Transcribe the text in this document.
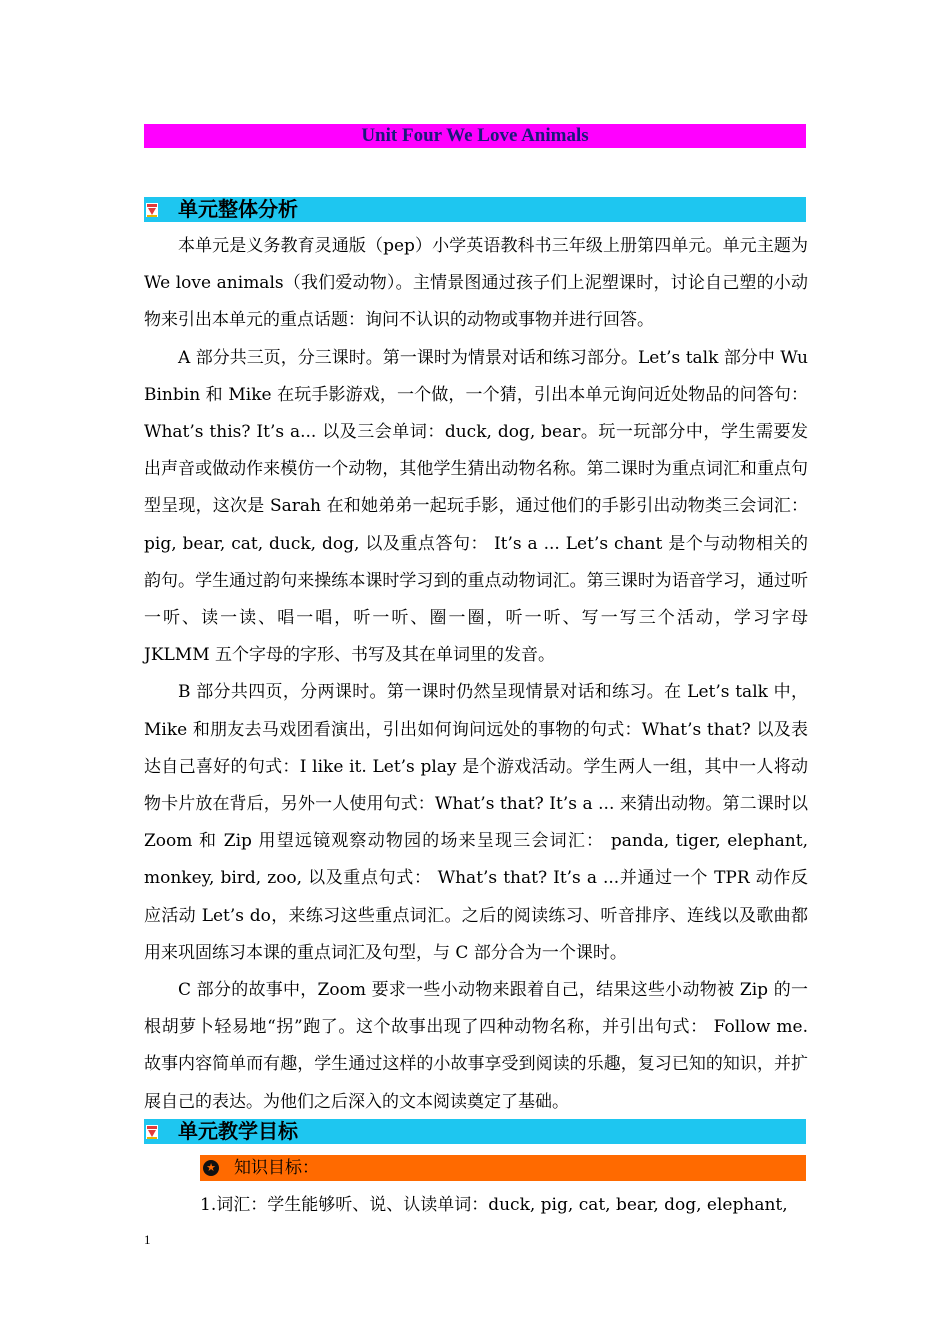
Unit Four We Love Animals
单元整体分析

本单元是义务教育灵通版（pep）小学英语教科书三年级上册第四单元。单元主题为We love animals（我们爱动物）。主情景图通过孩子们上泥塑课时，讨论自己塑的小动物来引出本单元的重点话题：询问不认识的动物或事物并进行回答。

A 部分共三页，分三课时。第一课时为情景对话和练习部分。Let’s talk 部分中 Wu Binbin 和 Mike 在玩手影游戏，一个做，一个猜，引出本单元询问近处物品的问答句：What’s this? It’s a... 以及三会单词：duck, dog, bear。玩一玩部分中，学生需要发出声音或做动作来模仿一个动物，其他学生猜出动物名称。第二课时为重点词汇和重点句型呈现，这次是 Sarah 在和她弟弟一起玩手影，通过他们的手影引出动物类三会词汇： pig, bear, cat, duck, dog, 以及重点答句： It’s a ... Let’s chant 是个与动物相关的韵句。学生通过韵句来操练本课时学习到的重点动物词汇。第三课时为语音学习，通过听一听、读一读、唱一唱，听一听、圈一圈，听一听、写一写三个活动，学习字母 JKLMM 五个字母的字形、书写及其在单词里的发音。

B 部分共四页，分两课时。第一课时仍然呈现情景对话和练习。在 Let’s talk 中，Mike 和朋友去马戏团看演出，引出如何询问远处的事物的句式：What’s that? 以及表达自己喜好的句式：I like it. Let’s play 是个游戏活动。学生两人一组，其中一人将动物卡片放在背后，另外一人使用句式：What’s that? It’s a ... 来猜出动物。第二课时以 Zoom 和 Zip 用望远镜观察动物园的场来呈现三会词汇： panda, tiger, elephant, monkey, bird, zoo, 以及重点句式： What’s that? It’s a ...并通过一个 TPR 动作反应活动 Let’s do，来练习这些重点词汇。之后的阅读练习、听音排序、连线以及歌曲都用来巩固练习本课的重点词汇及句型，与 C 部分合为一个课时。

C 部分的故事中，Zoom 要求一些小动物来跟着自己，结果这些小动物被 Zip 的一根胡萝卜轻易地“拐”跑了。这个故事出现了四种动物名称，并引出句式： Follow me. 故事内容简单而有趣，学生通过这样的小故事享受到阅读的乐趣，复习已知的知识，并扩展自己的表达。为他们之后深入的文本阅读奠定了基础。

单元教学目标
★ 知识目标：
1.词汇：学生能够听、说、认读单词：duck, pig, cat, bear, dog, elephant,
1
